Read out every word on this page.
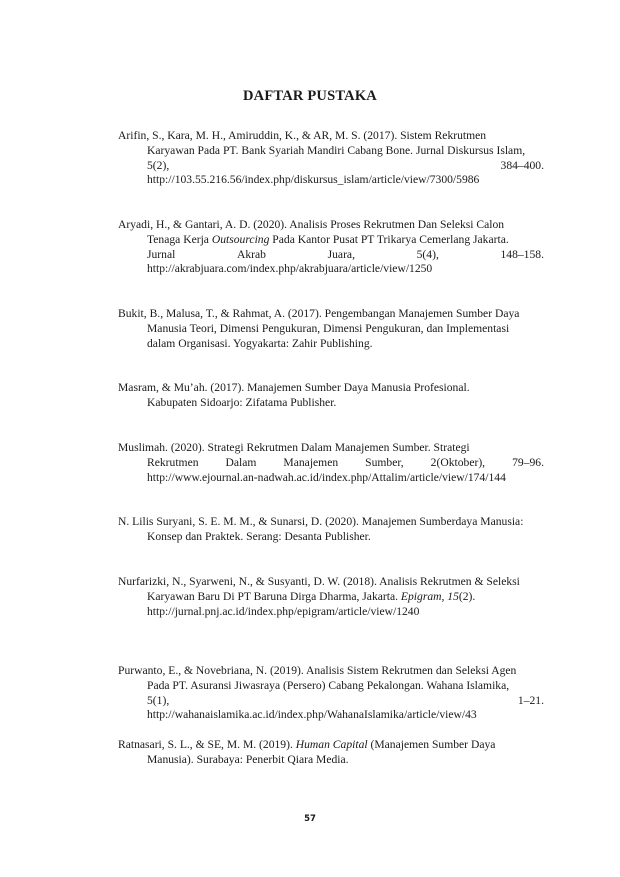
DAFTAR PUSTAKA
Arifin, S., Kara, M. H., Amiruddin, K., & AR, M. S. (2017). Sistem Rekrutmen
Karyawan Pada PT. Bank Syariah Mandiri Cabang Bone. Jurnal Diskursus Islam,
5(2),	384–400.
http://103.55.216.56/index.php/diskursus_islam/article/view/7300/5986
Aryadi, H., & Gantari, A. D. (2020). Analisis Proses Rekrutmen Dan Seleksi Calon
Tenaga Kerja Outsourcing Pada Kantor Pusat PT Trikarya Cemerlang Jakarta.
Jurnal	Akrab	Juara,	5(4),	148–158.
http://akrabjuara.com/index.php/akrabjuara/article/view/1250
Bukit, B., Malusa, T., & Rahmat, A. (2017). Pengembangan Manajemen Sumber Daya
Manusia Teori, Dimensi Pengukuran, Dimensi Pengukuran, dan Implementasi
dalam Organisasi. Yogyakarta: Zahir Publishing.
Masram, & Mu’ah. (2017). Manajemen Sumber Daya Manusia Profesional.
Kabupaten Sidoarjo: Zifatama Publisher.
Muslimah. (2020). Strategi Rekrutmen Dalam Manajemen Sumber. Strategi
Rekrutmen Dalam Manajemen Sumber, 2(Oktober), 79–96.
http://www.ejournal.an-nadwah.ac.id/index.php/Attalim/article/view/174/144
N. Lilis Suryani, S. E. M. M., & Sunarsi, D. (2020). Manajemen Sumberdaya Manusia:
Konsep dan Praktek. Serang: Desanta Publisher.
Nurfarizki, N., Syarweni, N., & Susyanti, D. W. (2018). Analisis Rekrutmen & Seleksi
Karyawan Baru Di PT Baruna Dirga Dharma, Jakarta. Epigram, 15(2).
http://jurnal.pnj.ac.id/index.php/epigram/article/view/1240
Purwanto, E., & Novebriana, N. (2019). Analisis Sistem Rekrutmen dan Seleksi Agen
Pada PT. Asuransi Jiwasraya (Persero) Cabang Pekalongan. Wahana Islamika,
5(1),	1–21.
http://wahanaislamika.ac.id/index.php/WahanaIslamika/article/view/43
Ratnasari, S. L., & SE, M. M. (2019). Human Capital (Manajemen Sumber Daya
Manusia). Surabaya: Penerbit Qiara Media.
57
